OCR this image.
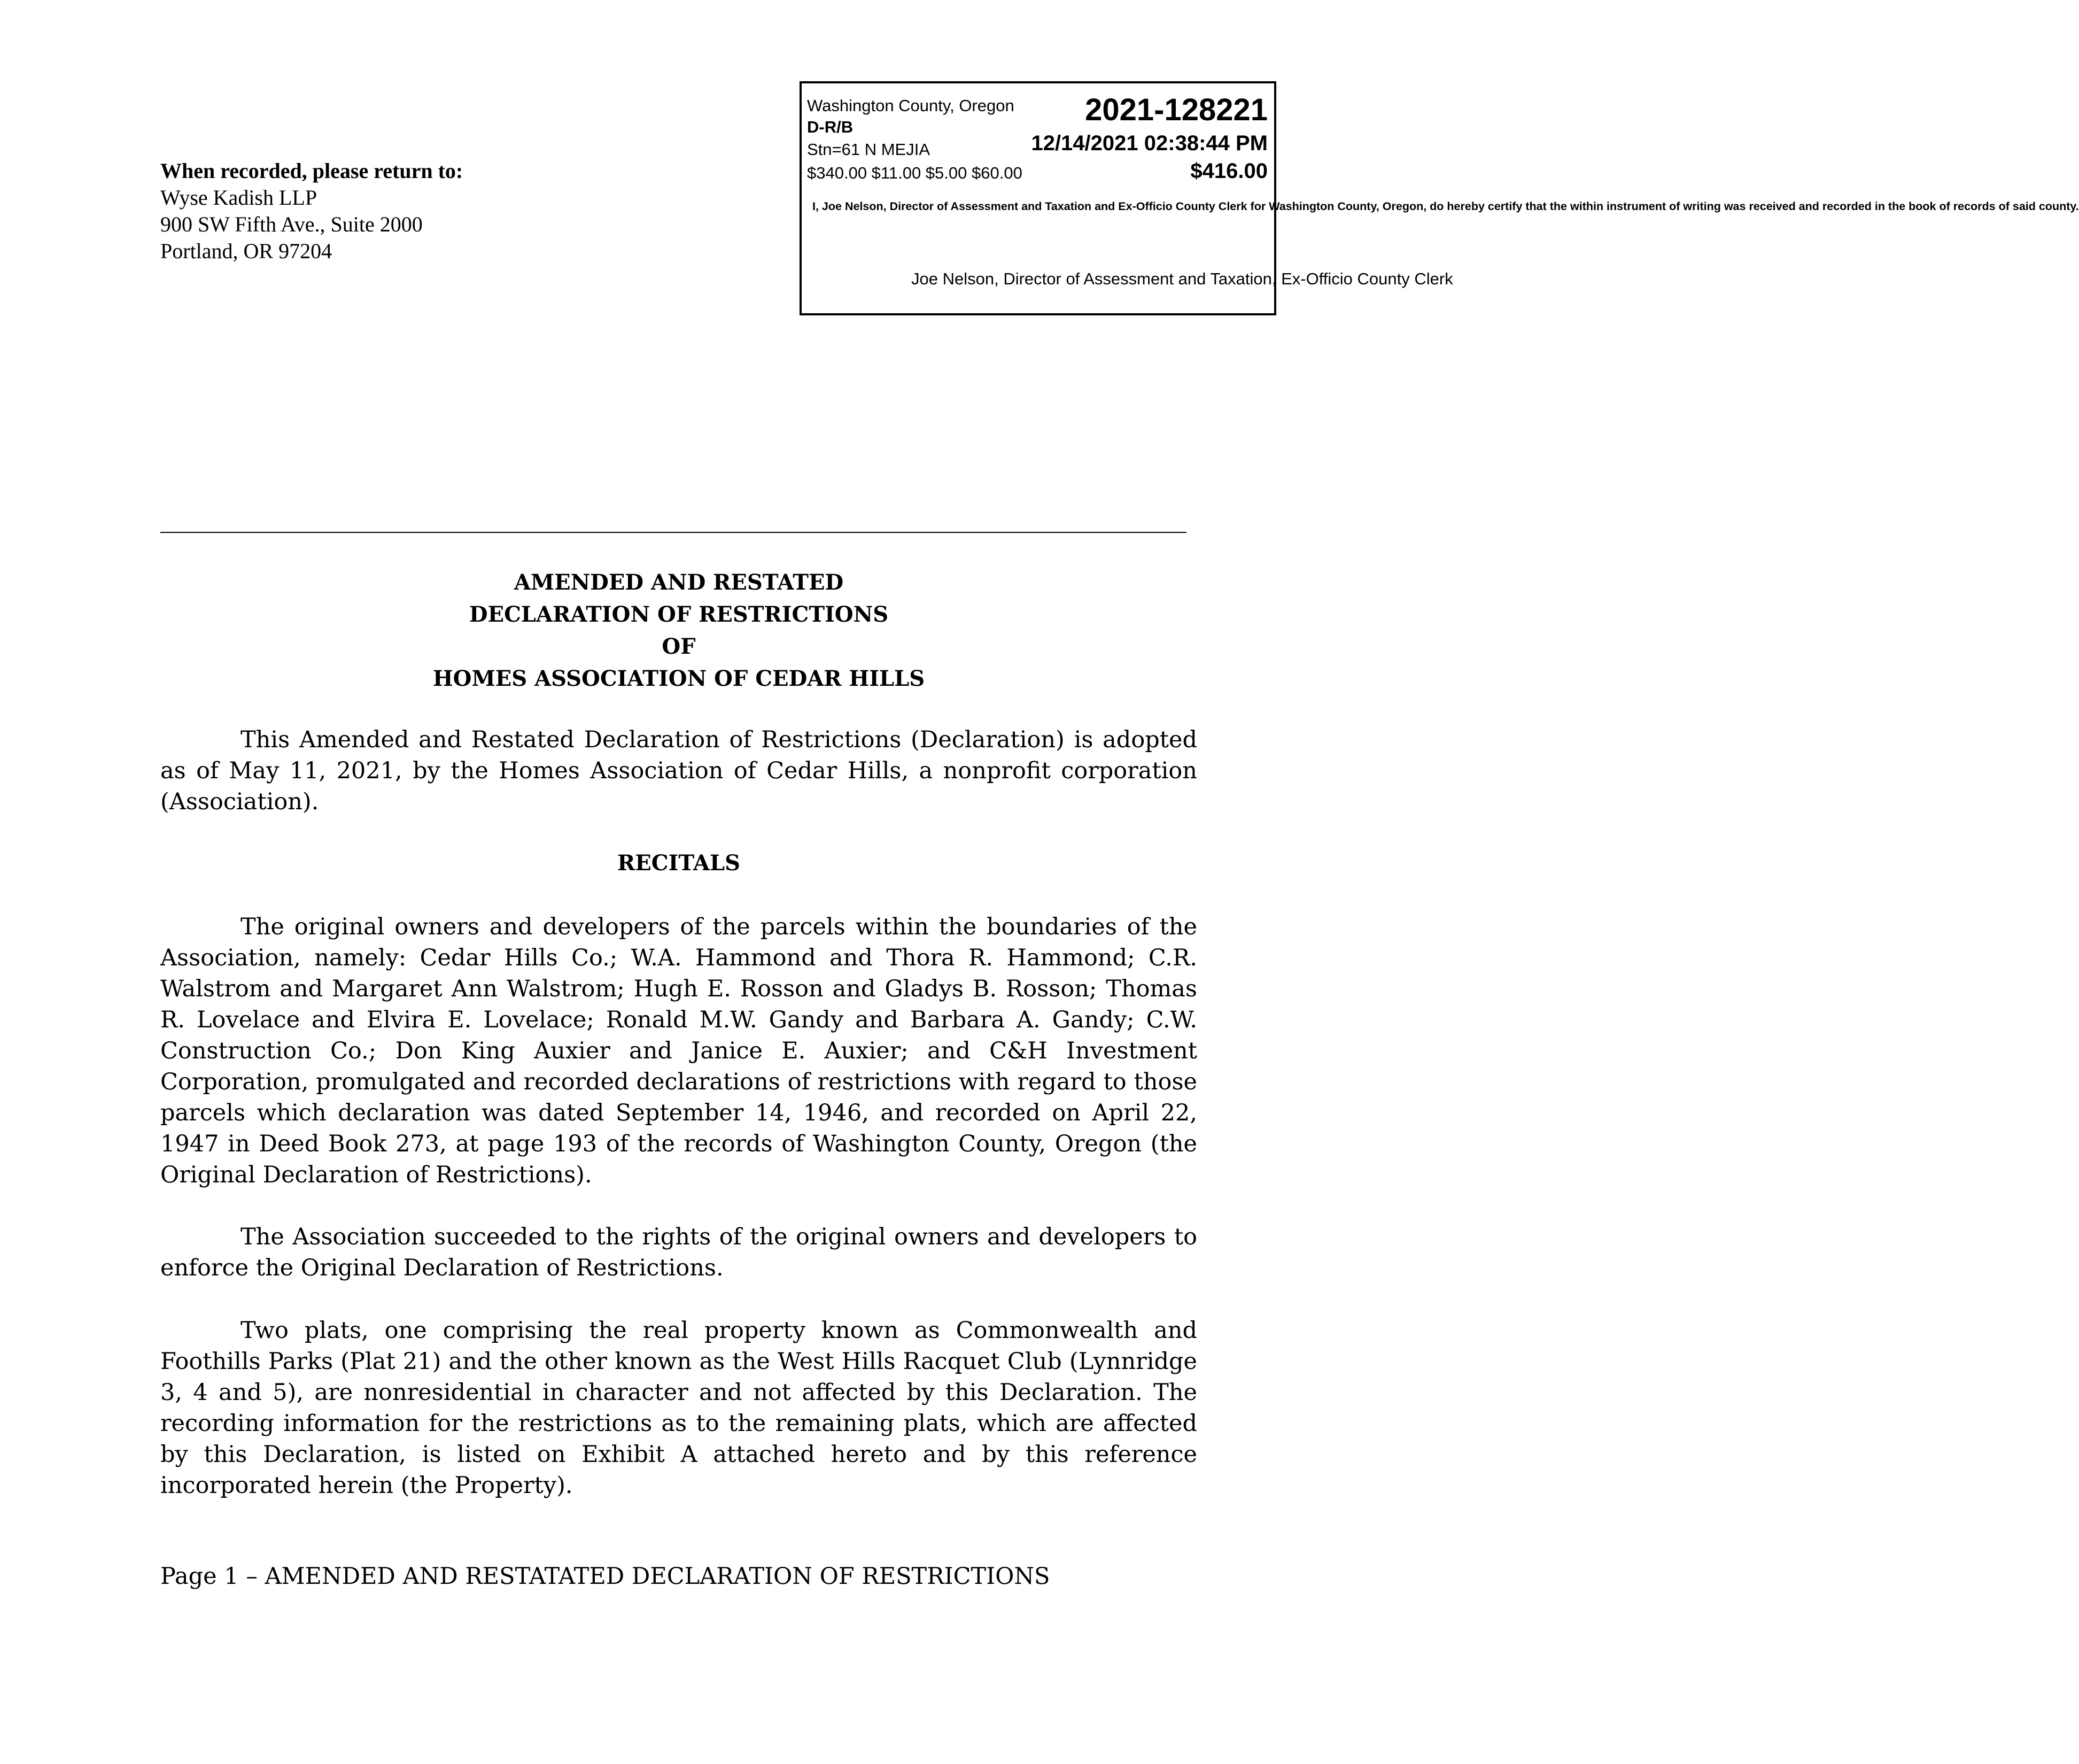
When recorded, please return to:
Wyse Kadish LLP
900 SW Fifth Ave., Suite 2000
Portland, OR 97204
Washington County, Oregon 2021-128221
D-R/B
Stn=61 N MEJIA	12/14/2021 02:38:44 PM
$340.00 $11.00 $5.00 $60.00	$416.00
I, Joe Nelson, Director of Assessment and Taxation and Ex-Officio County Clerk for Washington County, Oregon, do hereby certify that the within instrument of writing was received and recorded in the book of records of said county.
Joe Nelson, Director of Assessment and Taxation, Ex-Officio County Clerk
AMENDED AND RESTATED
DECLARATION OF RESTRICTIONS
OF
HOMES ASSOCIATION OF CEDAR HILLS
This Amended and Restated Declaration of Restrictions (Declaration) is adopted as of May 11, 2021, by the Homes Association of Cedar Hills, a nonprofit corporation (Association).
RECITALS
The original owners and developers of the parcels within the boundaries of the Association, namely: Cedar Hills Co.; W.A. Hammond and Thora R. Hammond; C.R. Walstrom and Margaret Ann Walstrom; Hugh E. Rosson and Gladys B. Rosson; Thomas R. Lovelace and Elvira E. Lovelace; Ronald M.W. Gandy and Barbara A. Gandy; C.W. Construction Co.; Don King Auxier and Janice E. Auxier; and C&H Investment Corporation, promulgated and recorded declarations of restrictions with regard to those parcels which declaration was dated September 14, 1946, and recorded on April 22, 1947 in Deed Book 273, at page 193 of the records of Washington County, Oregon (the Original Declaration of Restrictions).
The Association succeeded to the rights of the original owners and developers to enforce the Original Declaration of Restrictions.
Two plats, one comprising the real property known as Commonwealth and Foothills Parks (Plat 21) and the other known as the West Hills Racquet Club (Lynnridge 3, 4 and 5), are nonresidential in character and not affected by this Declaration. The recording information for the restrictions as to the remaining plats, which are affected by this Declaration, is listed on Exhibit A attached hereto and by this reference incorporated herein (the Property).
Page 1 – AMENDED AND RESTATATED DECLARATION OF RESTRICTIONS
